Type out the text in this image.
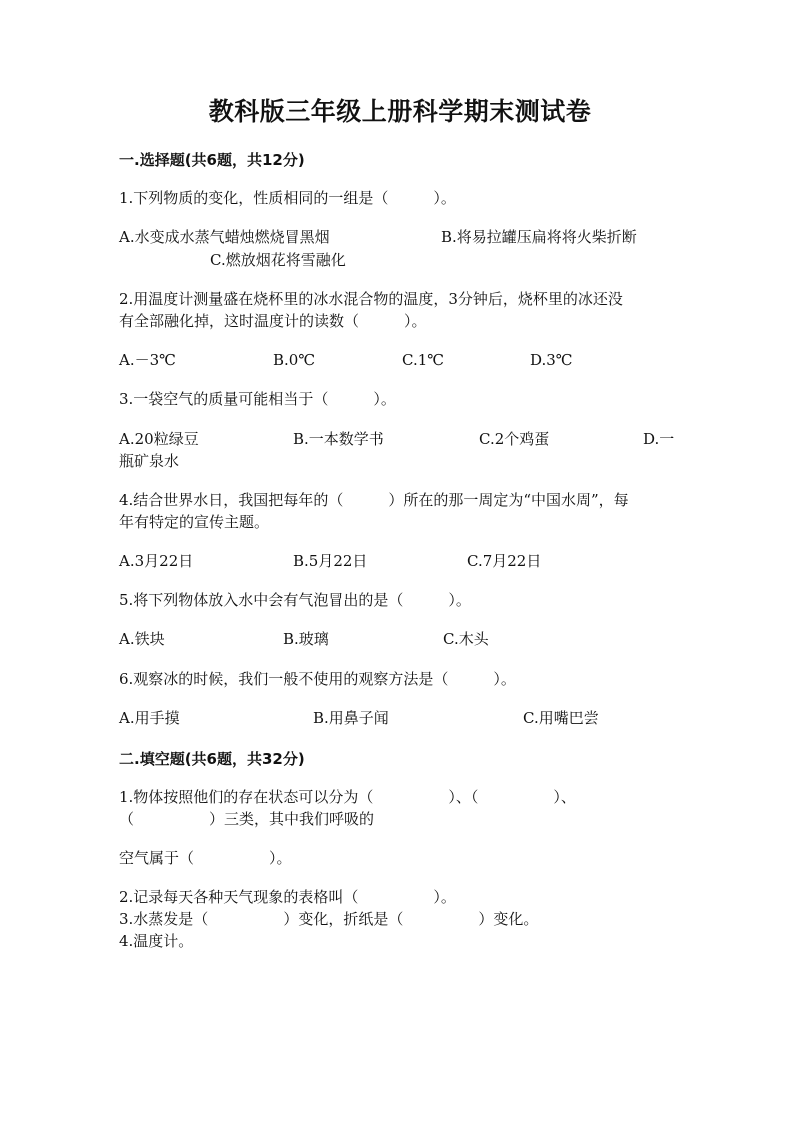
教科版三年级上册科学期末测试卷
一.选择题(共6题，共12分)
1.下列物质的变化，性质相同的一组是（　　　）。
A.水变成水蒸气蜡烛燃烧冒黑烟	B.将易拉罐压扁将将火柴折断
C.燃放烟花将雪融化
2.用温度计测量盛在烧杯里的冰水混合物的温度，3分钟后，烧杯里的冰还没
有全部融化掉，这时温度计的读数（　　　）。
A.－3℃	B.0℃	C.1℃	D.3℃
3.一袋空气的质量可能相当于（　　　）。
A.20粒绿豆	B.一本数学书	C.2个鸡蛋	D.一
瓶矿泉水
4.结合世界水日，我国把每年的（　　　）所在的那一周定为“中国水周”，每
年有特定的宣传主题。
A.3月22日	B.5月22日	C.7月22日
5.将下列物体放入水中会有气泡冒出的是（　　　）。
A.铁块	B.玻璃	C.木头
6.观察冰的时候，我们一般不使用的观察方法是（　　　）。
A.用手摸	B.用鼻子闻	C.用嘴巴尝
二.填空题(共6题，共32分)
1.物体按照他们的存在状态可以分为（　　　　　）、（　　　　　）、
（　　　　　）三类，其中我们呼吸的
空气属于（　　　　　）。
2.记录每天各种天气现象的表格叫（　　　　　）。
3.水蒸发是（　　　　　）变化，折纸是（　　　　　）变化。
4.温度计。
